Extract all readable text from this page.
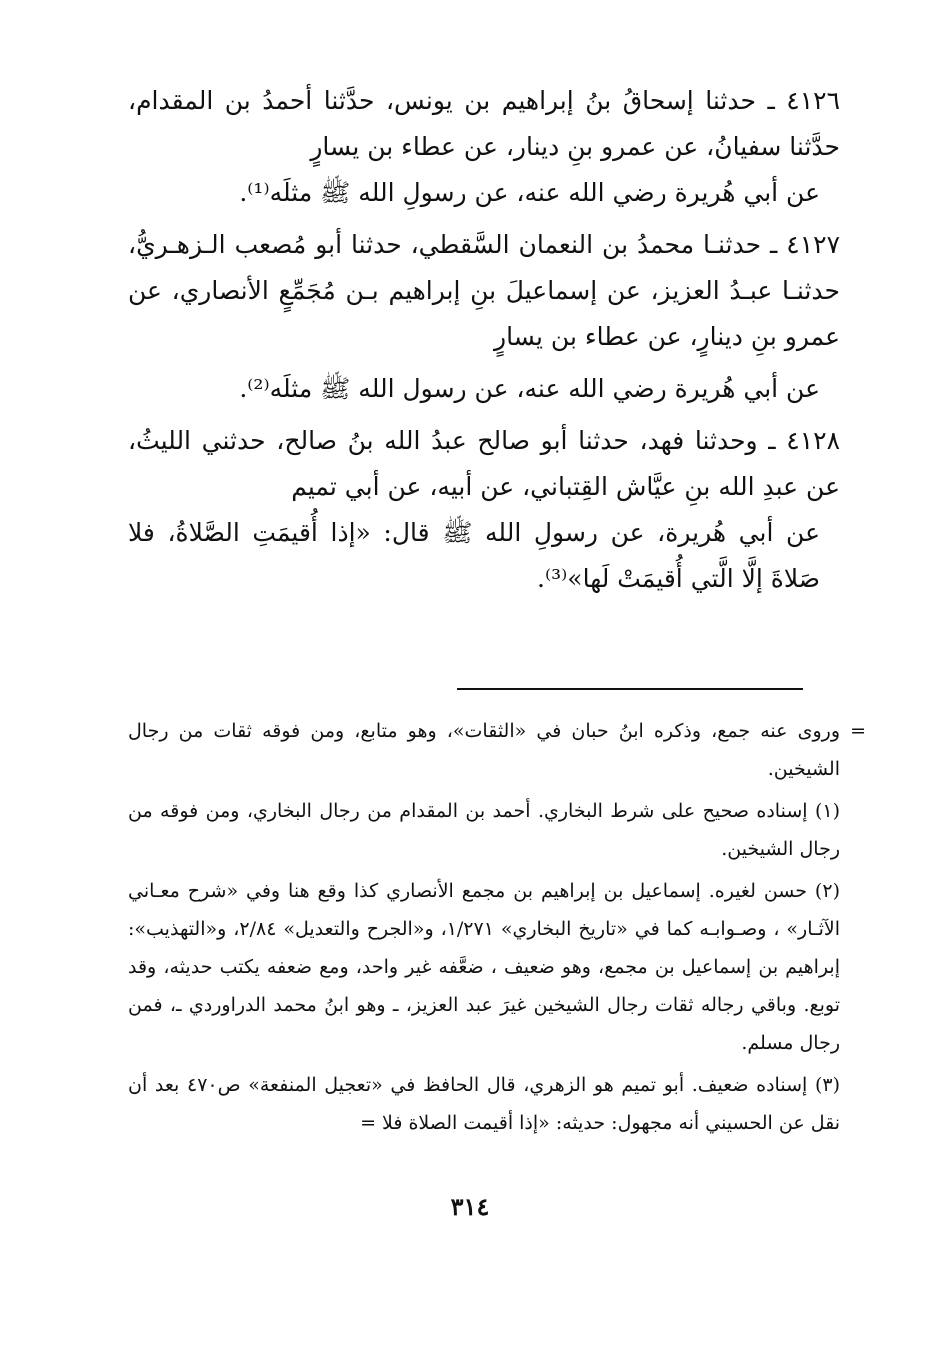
٤١٢٦ ـ حدثنا إسحاقُ بنُ إبراهيم بن يونس، حدَّثنا أحمدُ بن المقدام، حدَّثنا سفيانُ، عن عمرو بنِ دينار، عن عطاء بن يسارٍ

عن أبي هُريرة رضي الله عنه، عن رسولِ الله ﷺ مثلَه⁽¹⁾.

٤١٢٧ ـ حدثنـا محمدُ بن النعمان السَّقطي، حدثنا أبو مُصعب الـزهـريُّ، حدثنـا عبـدُ العزيز، عن إسماعيلَ بنِ إبراهيم بـن مُجَمِّعٍ الأنصاري، عن عمرو بنِ دينارٍ، عن عطاء بن يسارٍ

عن أبي هُريرة رضي الله عنه، عن رسول الله ﷺ مثلَه⁽²⁾.

٤١٢٨ ـ وحدثنا فهد، حدثنا أبو صالح عبدُ الله بنُ صالح، حدثني الليثُ، عن عبدِ الله بنِ عيَّاش القِتباني، عن أبيه، عن أبي تميم

عن أبي هُريرة، عن رسولِ الله ﷺ قال: «إذا أُقيمَتِ الصَّلاةُ، فلا صَلاةَ إلَّا الَّتي أُقيمَتْ لَها»⁽³⁾.

=
وروى عنه جمع، وذكره ابنُ حبان في «الثقات»، وهو متابع، ومن فوقه ثقات من رجال الشيخين.

(١) إسناده صحيح على شرط البخاري. أحمد بن المقدام من رجال البخاري، ومن فوقه من رجال الشيخين.

(٢) حسن لغيره. إسماعيل بن إبراهيم بن مجمع الأنصاري كذا وقع هنا وفي «شرح معـاني الآثـار» ، وصـوابـه كما في «تاريخ البخاري» ١/٢٧١، و«الجرح والتعديل» ٢/٨٤، و«التهذيب»: إبراهيم بن إسماعيل بن مجمع، وهو ضعيف ، ضعَّفه غير واحد، ومع ضعفه يكتب حديثه، وقد توبع. وباقي رجاله ثقات رجال الشيخين غيرَ عبد العزيز، ـ وهو ابنُ محمد الدراوردي ـ، فمن رجال مسلم.

(٣) إسناده ضعيف. أبو تميم هو الزهري، قال الحافظ في «تعجيل المنفعة» ص٤٧٠ بعد أن نقل عن الحسيني أنه مجهول: حديثه: «إذا أقيمت الصلاة فلا =

٣١٤
